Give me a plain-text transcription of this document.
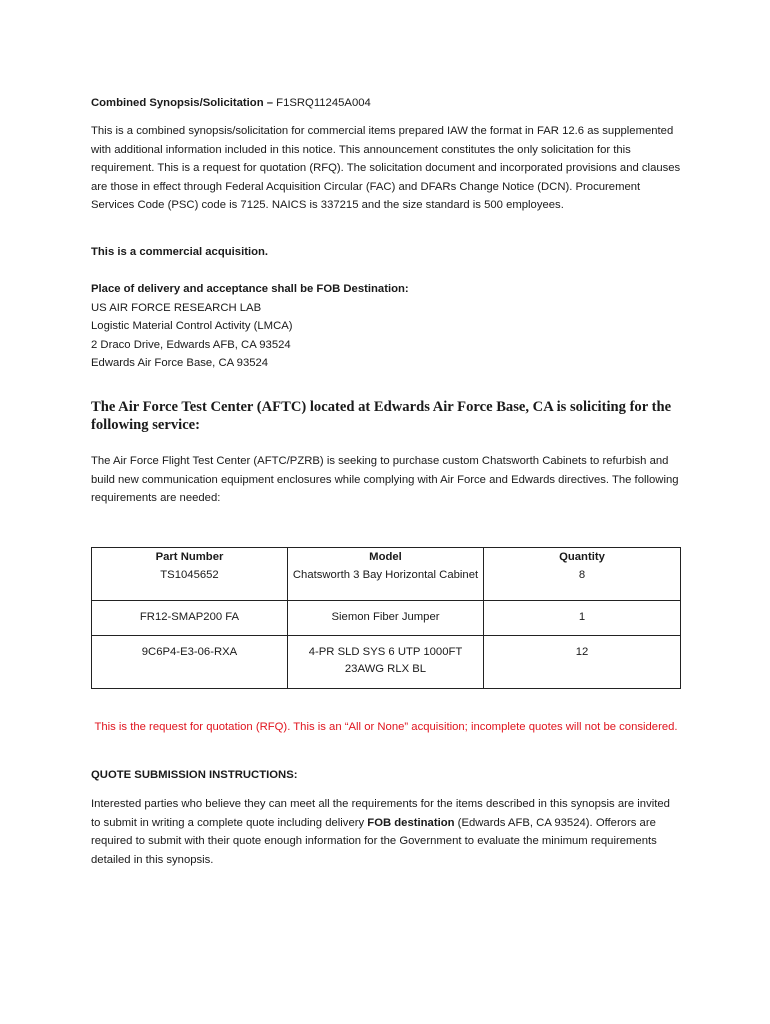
Combined Synopsis/Solicitation – F1SRQ11245A004

This is a combined synopsis/solicitation for commercial items prepared IAW the format in FAR 12.6 as supplemented with additional information included in this notice. This announcement constitutes the only solicitation for this requirement. This is a request for quotation (RFQ). The solicitation document and incorporated provisions and clauses are those in effect through Federal Acquisition Circular (FAC) and DFARs Change Notice (DCN). Procurement Services Code (PSC) code is 7125. NAICS is 337215 and the size standard is 500 employees.

This is a commercial acquisition.

Place of delivery and acceptance shall be FOB Destination:

US AIR FORCE RESEARCH LAB

Logistic Material Control Activity (LMCA)

2 Draco Drive, Edwards AFB, CA 93524

Edwards Air Force Base, CA 93524

The Air Force Test Center (AFTC) located at Edwards Air Force Base, CA is soliciting for the following service:

The Air Force Flight Test Center (AFTC/PZRB) is seeking to purchase custom Chatsworth Cabinets to refurbish and build new communication equipment enclosures while complying with Air Force and Edwards directives. The following requirements are needed:

Part Number	Model	Quantity
TS1045652	Chatsworth 3 Bay Horizontal Cabinet	8
FR12-SMAP200 FA	Siemon Fiber Jumper	1
9C6P4-E3-06-RXA	4-PR SLD SYS 6 UTP 1000FT 23AWG RLX BL	12

This is the request for quotation (RFQ). This is an “All or None” acquisition; incomplete quotes will not be considered.

QUOTE SUBMISSION INSTRUCTIONS:

Interested parties who believe they can meet all the requirements for the items described in this synopsis are invited to submit in writing a complete quote including delivery FOB destination (Edwards AFB, CA 93524). Offerors are required to submit with their quote enough information for the Government to evaluate the minimum requirements detailed in this synopsis.
